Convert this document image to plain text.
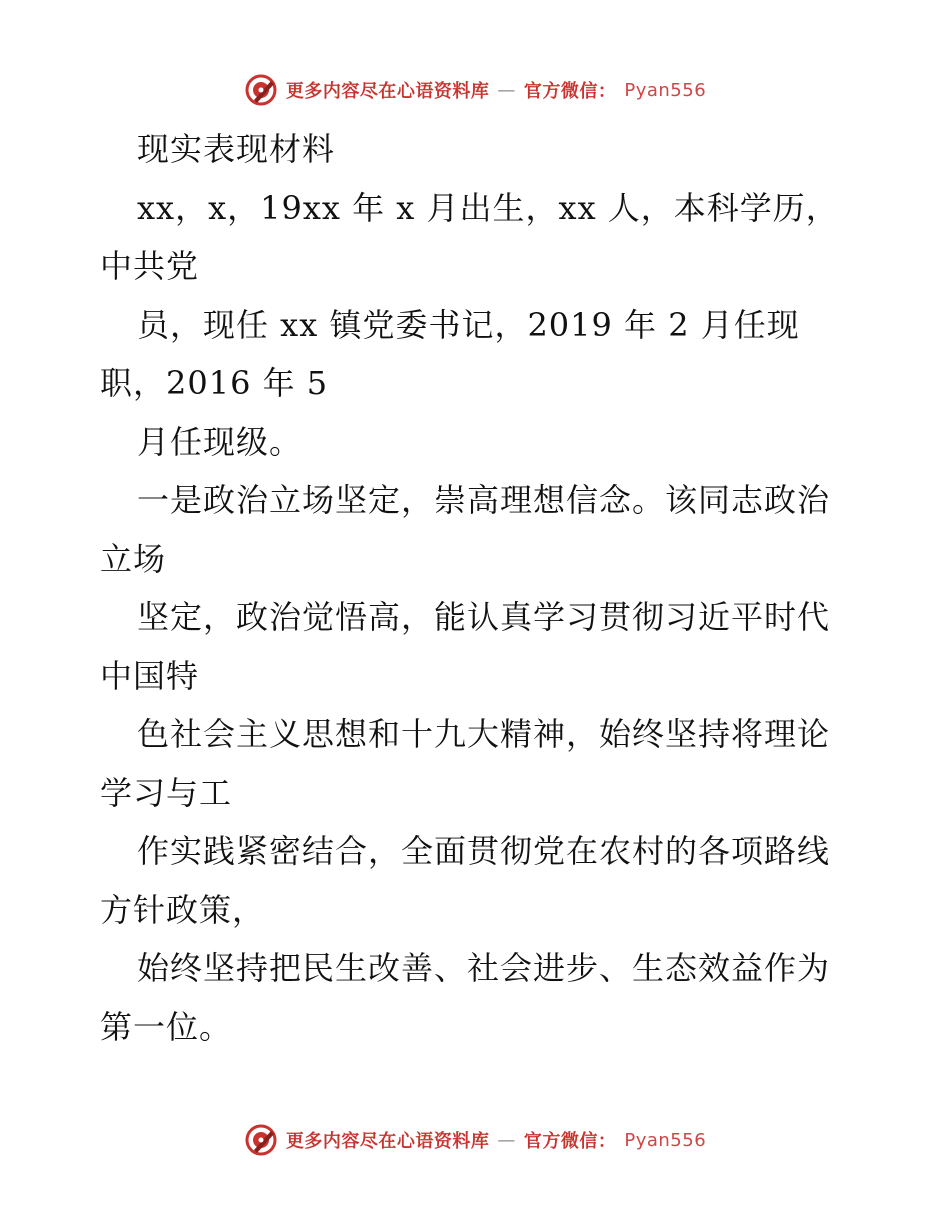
更多内容尽在心语资料库 — 官方微信： Pyan556
现实表现材料
xx，x，19xx 年 x 月出生，xx 人，本科学历，
中共党
员，现任 xx 镇党委书记，2019 年 2 月任现
职，2016 年 5
月任现级。
一是政治立场坚定，崇高理想信念。该同志政治
立场
坚定，政治觉悟高，能认真学习贯彻习近平时代
中国特
色社会主义思想和十九大精神，始终坚持将理论
学习与工
作实践紧密结合，全面贯彻党在农村的各项路线
方针政策，
始终坚持把民生改善、社会进步、生态效益作为
第一位。
更多内容尽在心语资料库 — 官方微信： Pyan556
